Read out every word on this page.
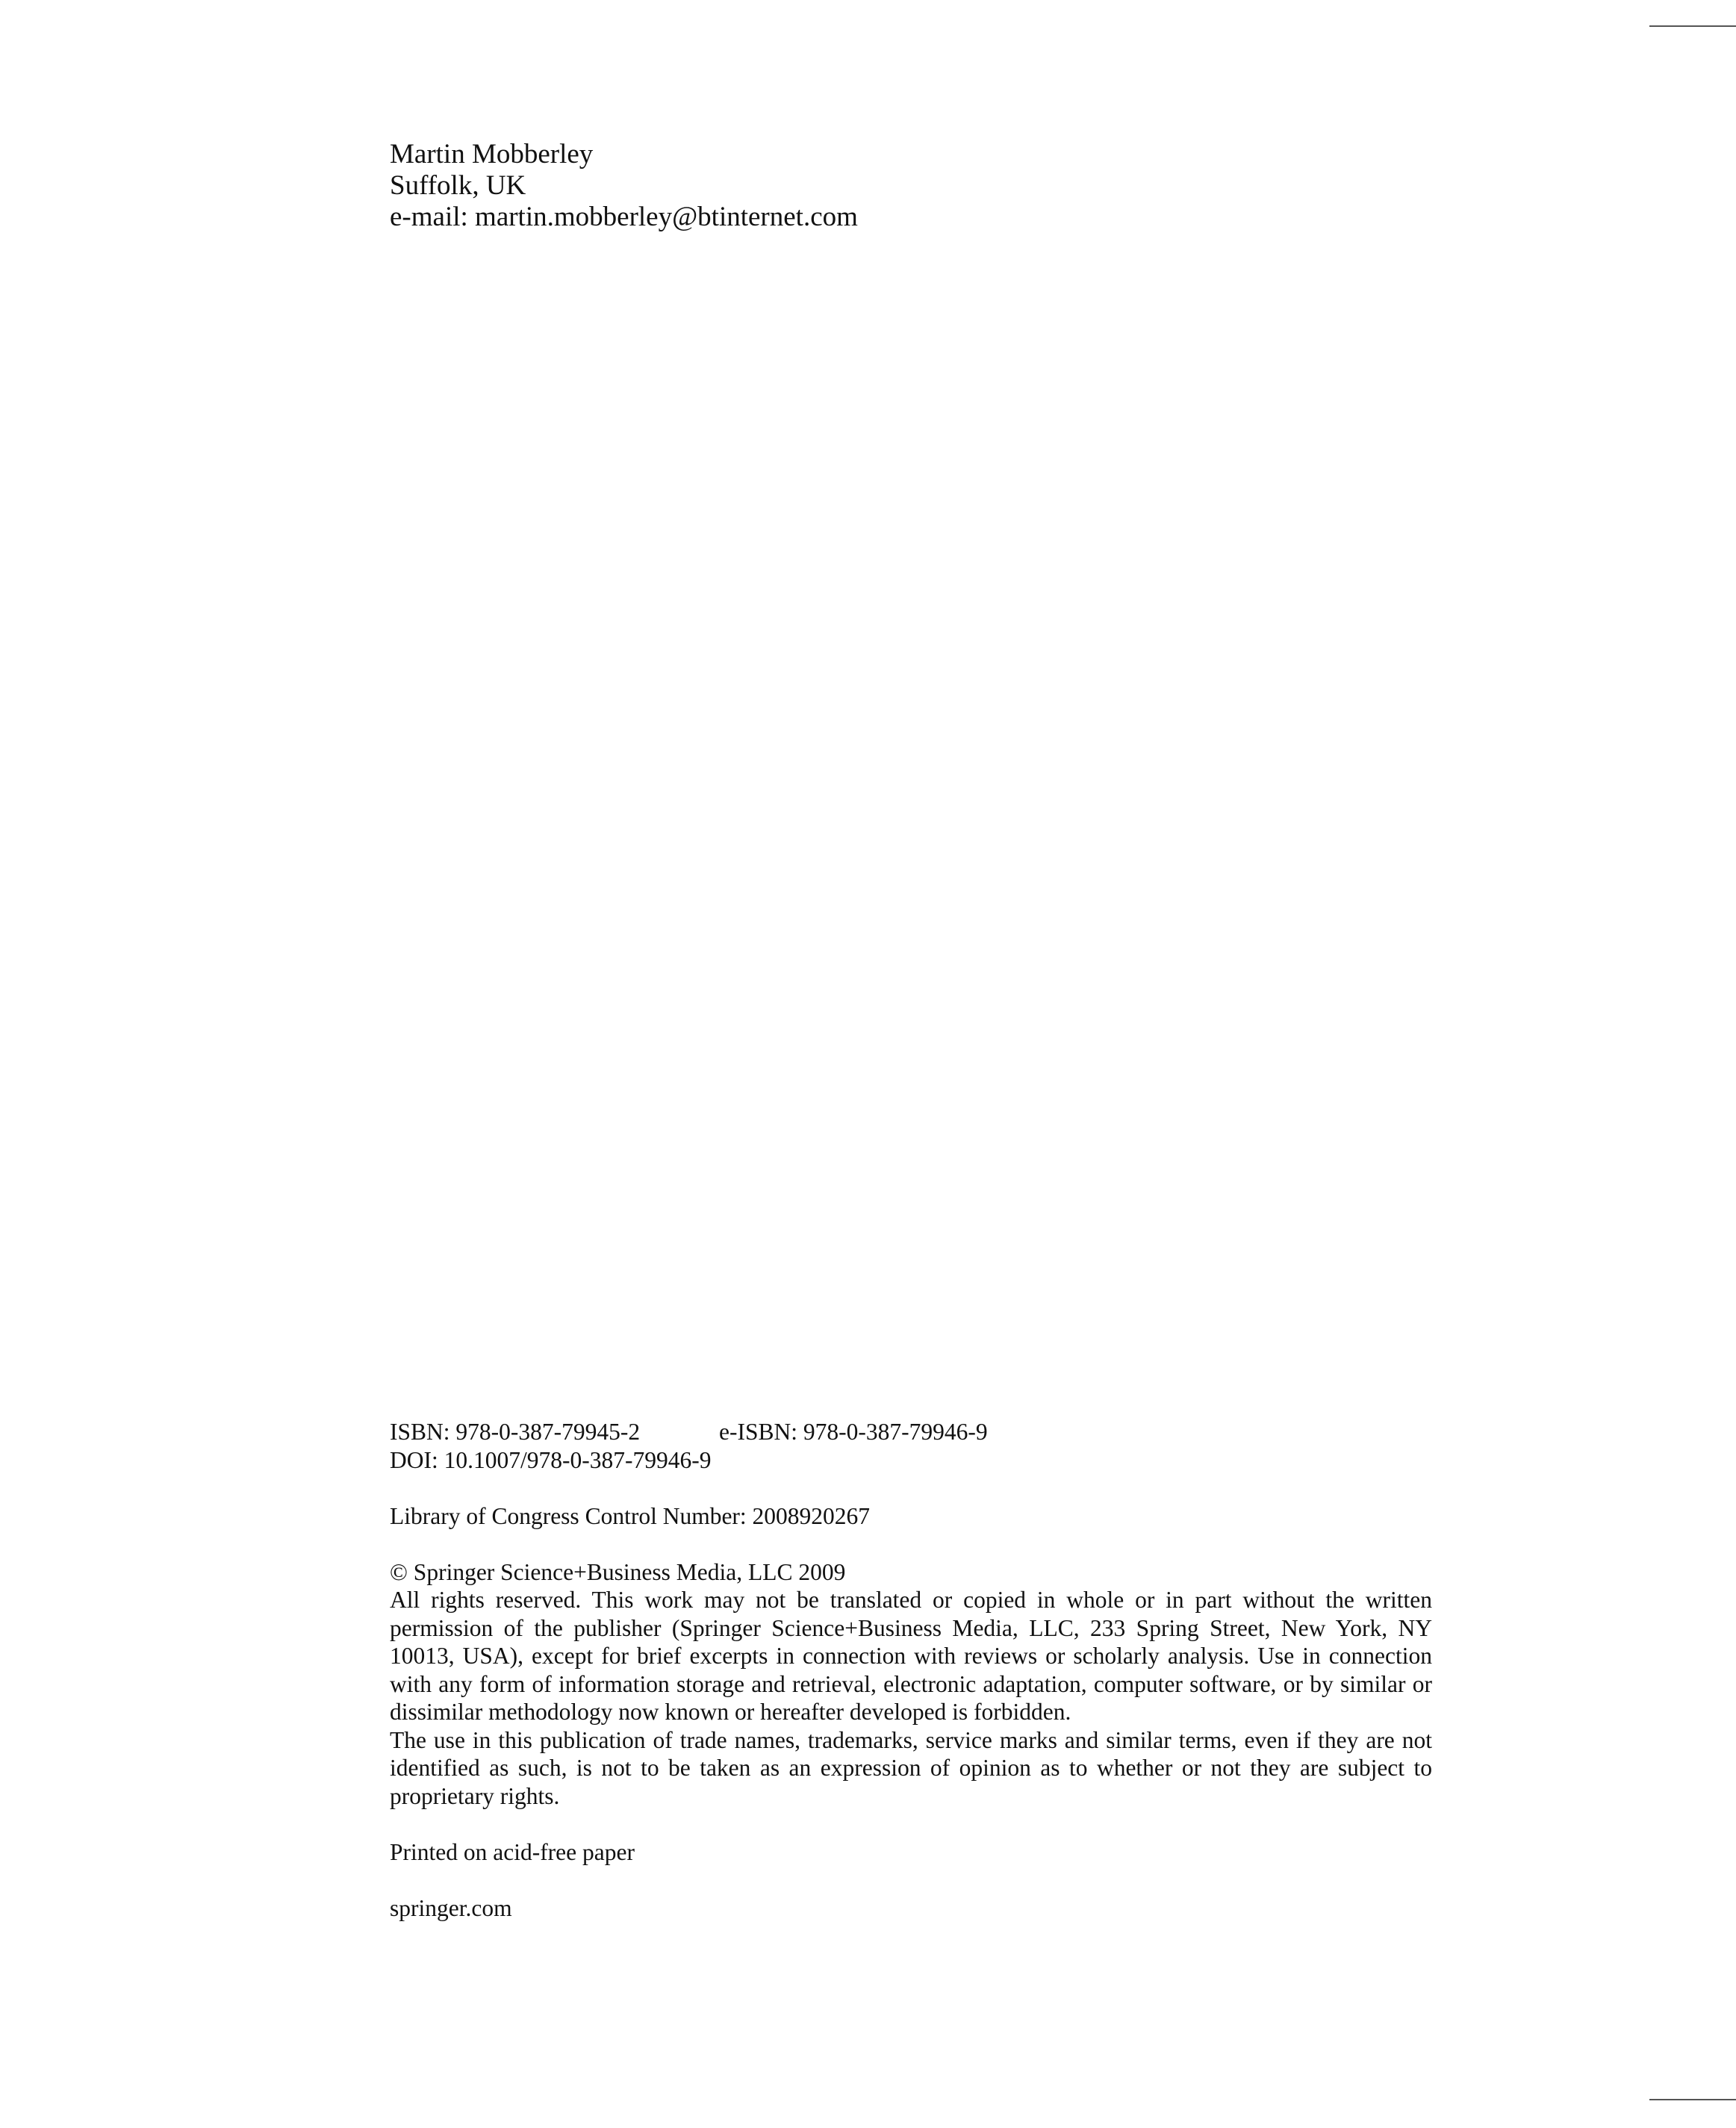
Martin Mobberley
Suffolk, UK
e-mail: martin.mobberley@btinternet.com
ISBN: 978-0-387-79945-2	e-ISBN: 978-0-387-79946-9
DOI: 10.1007/978-0-387-79946-9
Library of Congress Control Number: 2008920267
© Springer Science+Business Media, LLC 2009

All rights reserved. This work may not be translated or copied in whole or in part without the written permission of the publisher (Springer Science+Business Media, LLC, 233 Spring Street, New York, NY 10013, USA), except for brief excerpts in connection with reviews or scholarly analysis. Use in connection with any form of information storage and retrieval, electronic adaptation, computer software, or by similar or dissimilar methodology now known or hereafter developed is forbidden.

The use in this publication of trade names, trademarks, service marks and similar terms, even if they are not identified as such, is not to be taken as an expression of opinion as to whether or not they are subject to proprietary rights.

Printed on acid-free paper
springer.com
